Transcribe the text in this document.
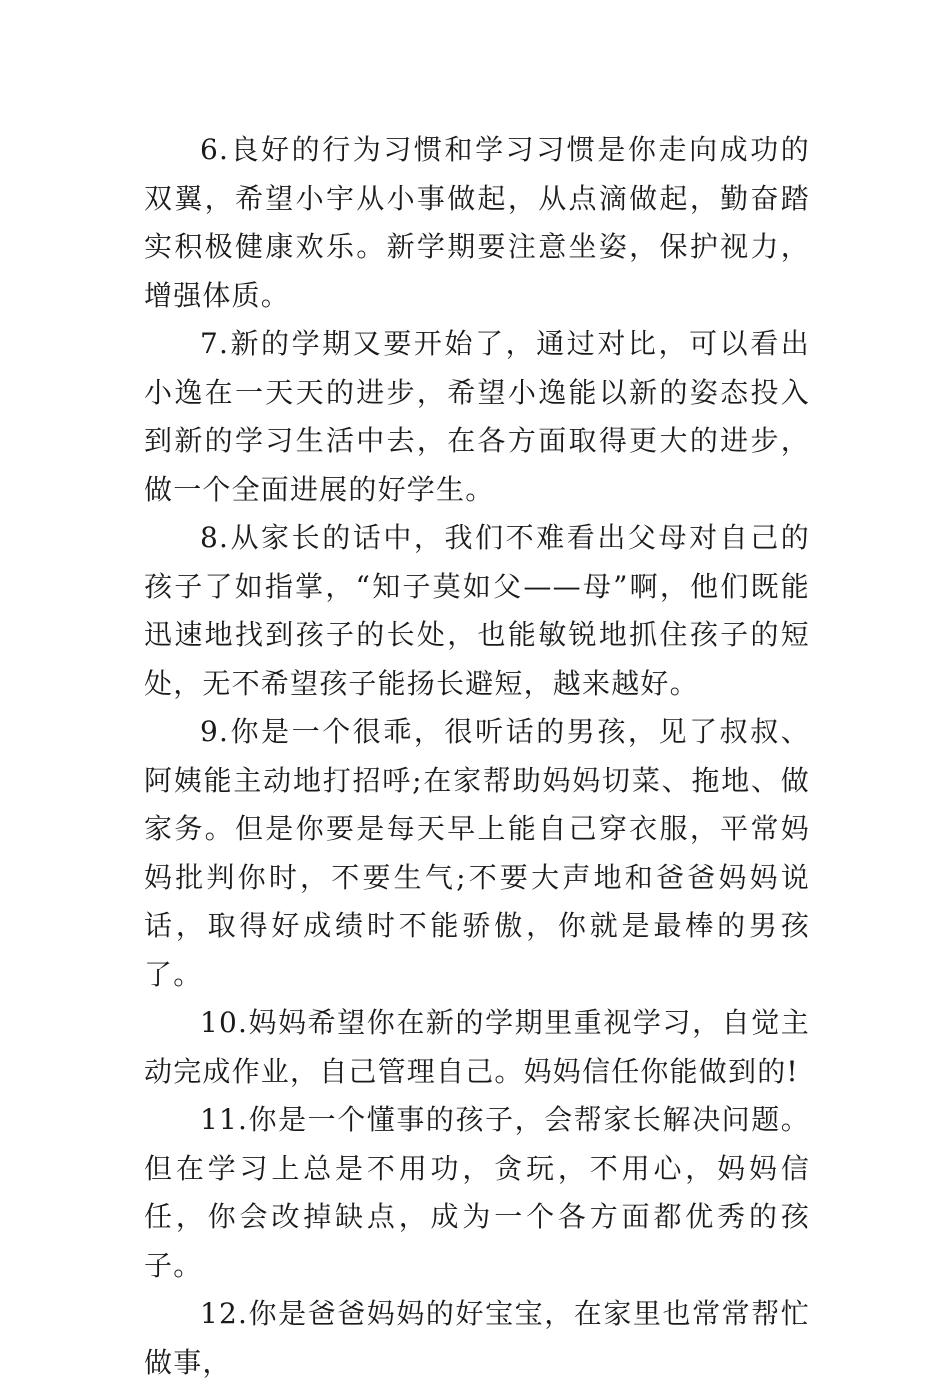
6.良好的行为习惯和学习习惯是你走向成功的双翼，希望小宇从小事做起，从点滴做起，勤奋踏实积极健康欢乐。新学期要注意坐姿，保护视力，增强体质。

7.新的学期又要开始了，通过对比，可以看出小逸在一天天的进步，希望小逸能以新的姿态投入到新的学习生活中去，在各方面取得更大的进步，做一个全面进展的好学生。

8.从家长的话中，我们不难看出父母对自己的孩子了如指掌，“知子莫如父——母”啊，他们既能迅速地找到孩子的长处，也能敏锐地抓住孩子的短处，无不希望孩子能扬长避短，越来越好。

9.你是一个很乖，很听话的男孩，见了叔叔、阿姨能主动地打招呼;在家帮助妈妈切菜、拖地、做家务。但是你要是每天早上能自己穿衣服，平常妈妈批判你时，不要生气;不要大声地和爸爸妈妈说话，取得好成绩时不能骄傲，你就是最棒的男孩了。

10.妈妈希望你在新的学期里重视学习，自觉主动完成作业，自己管理自己。妈妈信任你能做到的!

11.你是一个懂事的孩子，会帮家长解决问题。但在学习上总是不用功，贪玩，不用心，妈妈信任，你会改掉缺点，成为一个各方面都优秀的孩子。

12.你是爸爸妈妈的好宝宝，在家里也常常帮忙做事，
